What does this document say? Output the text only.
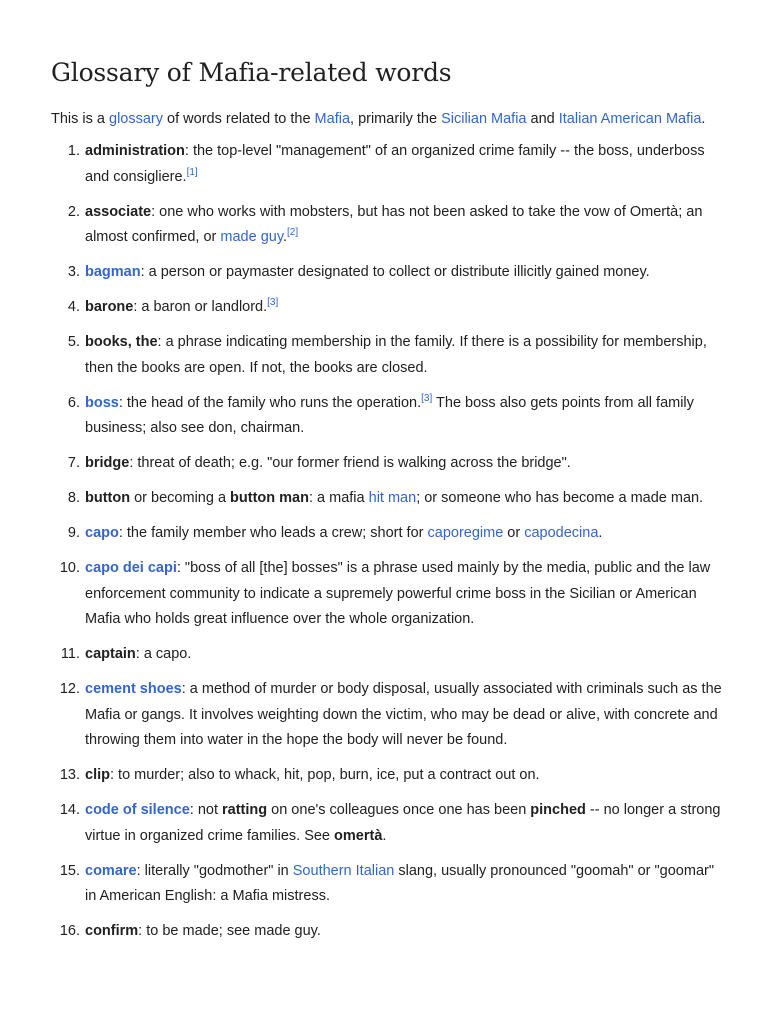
Glossary of Mafia-related words

This is a glossary of words related to the Mafia, primarily the Sicilian Mafia and Italian American Mafia.

1. administration: the top-level "management" of an organized crime family -- the boss, underboss and consigliere.[1]
2. associate: one who works with mobsters, but has not been asked to take the vow of Omertà; an almost confirmed, or made guy.[2]
3. bagman: a person or paymaster designated to collect or distribute illicitly gained money.
4. barone: a baron or landlord.[3]
5. books, the: a phrase indicating membership in the family. If there is a possibility for membership, then the books are open. If not, the books are closed.
6. boss: the head of the family who runs the operation.[3] The boss also gets points from all family business; also see don, chairman.
7. bridge: threat of death; e.g. "our former friend is walking across the bridge".
8. button or becoming a button man: a mafia hit man; or someone who has become a made man.
9. capo: the family member who leads a crew; short for caporegime or capodecina.
10. capo dei capi: "boss of all [the] bosses" is a phrase used mainly by the media, public and the law enforcement community to indicate a supremely powerful crime boss in the Sicilian or American Mafia who holds great influence over the whole organization.
11. captain: a capo.
12. cement shoes: a method of murder or body disposal, usually associated with criminals such as the Mafia or gangs. It involves weighting down the victim, who may be dead or alive, with concrete and throwing them into water in the hope the body will never be found.
13. clip: to murder; also to whack, hit, pop, burn, ice, put a contract out on.
14. code of silence: not ratting on one's colleagues once one has been pinched -- no longer a strong virtue in organized crime families. See omertà.
15. comare: literally "godmother" in Southern Italian slang, usually pronounced "goomah" or "goomar" in American English: a Mafia mistress.
16. confirm: to be made; see made guy.
